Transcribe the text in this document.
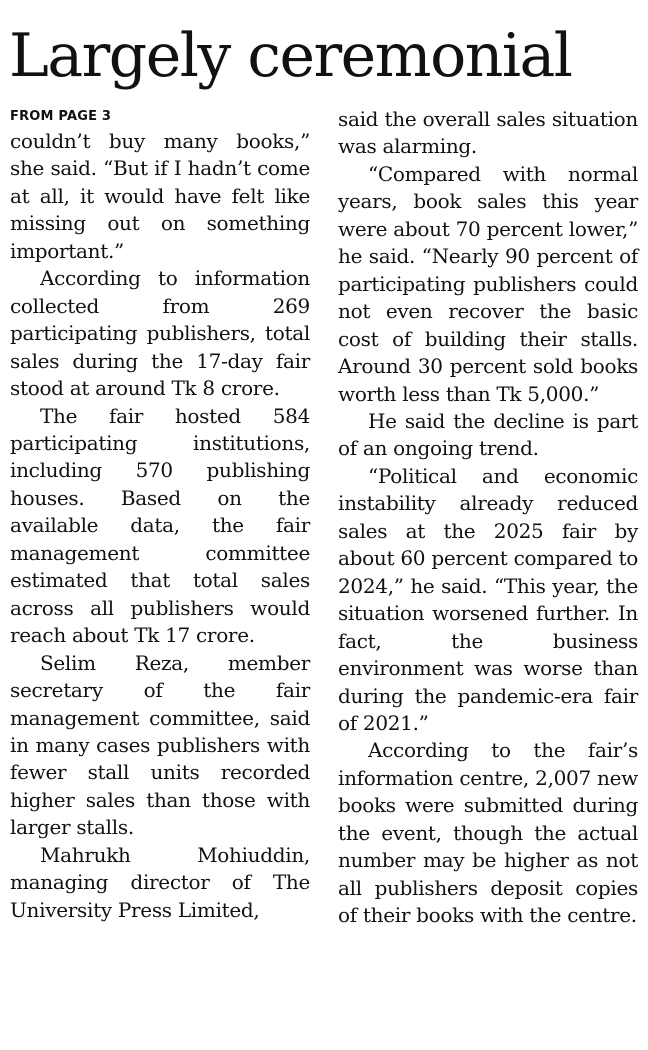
Largely ceremonial
FROM PAGE 3

couldn’t buy many books,” she said. “But if I hadn’t come at all, it would have felt like missing out on something important.”

According to information collected from 269 participating publishers, total sales during the 17-day fair stood at around Tk 8 crore.

The fair hosted 584 participating institutions, including 570 publishing houses. Based on the available data, the fair management committee estimated that total sales across all publishers would reach about Tk 17 crore.

Selim Reza, member secretary of the fair management committee, said in many cases publishers with fewer stall units recorded higher sales than those with larger stalls.

Mahrukh Mohiuddin, managing director of The University Press Limited,

said the overall sales situation was alarming.

“Compared with normal years, book sales this year were about 70 percent lower,” he said. “Nearly 90 percent of participating publishers could not even recover the basic cost of building their stalls. Around 30 percent sold books worth less than Tk 5,000.”

He said the decline is part of an ongoing trend.

“Political and economic instability already reduced sales at the 2025 fair by about 60 percent compared to 2024,” he said. “This year, the situation worsened further. In fact, the business environment was worse than during the pandemic-era fair of 2021.”

According to the fair’s information centre, 2,007 new books were submitted during the event, though the actual number may be higher as not all publishers deposit copies of their books with the centre.
